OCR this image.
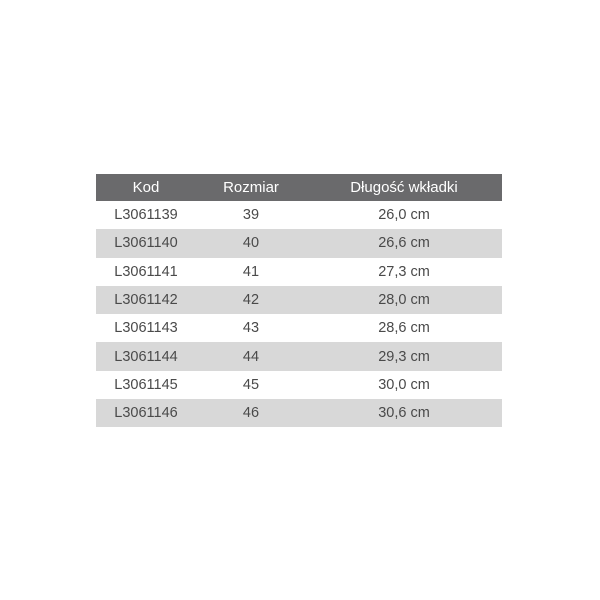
Kod	Rozmiar	Długość wkładki
L3061139	39	26,0 cm
L3061140	40	26,6 cm
L3061141	41	27,3 cm
L3061142	42	28,0 cm
L3061143	43	28,6 cm
L3061144	44	29,3 cm
L3061145	45	30,0 cm
L3061146	46	30,6 cm
